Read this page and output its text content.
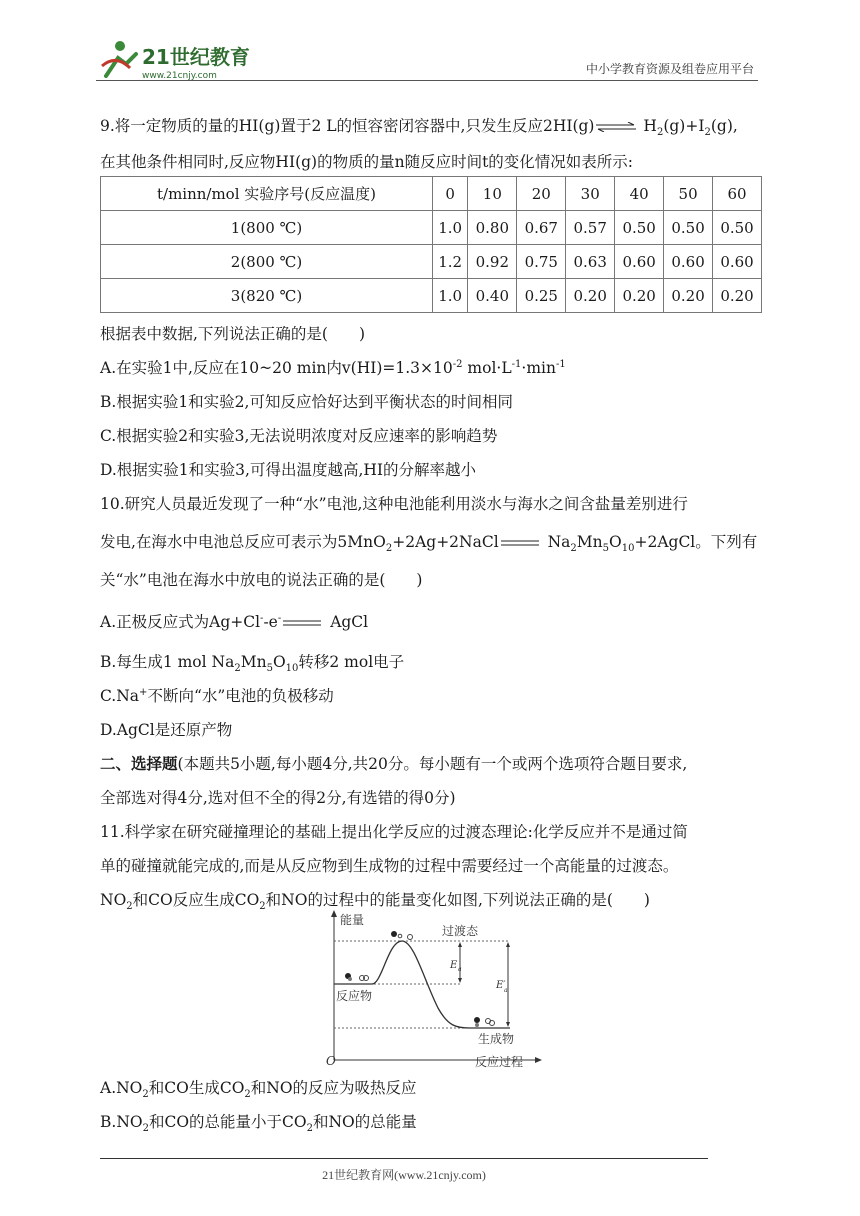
21世纪教育
www.21cnjy.com	中小学教育资源及组卷应用平台
9.将一定物质的量的HI(g)置于2 L的恒容密闭容器中,只发生反应2HI(g)⇌ $H_2(g)+I_2(g)$,
在其他条件相同时,反应物HI(g)的物质的量n随反应时间t的变化情况如表所示:
t/minn/mol 实验序号(反应温度)	0	10	20	30	40	50	60
1(800 ℃)	1.0	0.80	0.67	0.57	0.50	0.50	0.50
2(800 ℃)	1.2	0.92	0.75	0.63	0.60	0.60	0.60
3(820 ℃)	1.0	0.40	0.25	0.20	0.20	0.20	0.20
根据表中数据,下列说法正确的是(　　)
A.在实验1中,反应在10~20 min内$v(HI)=1.3\times 10^{-2}$ $mol\cdot L^{-1}\cdot\min^{-1}$
B.根据实验1和实验2,可知反应恰好达到平衡状态的时间相同
C.根据实验2和实验3,无法说明浓度对反应速率的影响趋势
D.根据实验1和实验3,可得出温度越高,HI的分解率越小
10.研究人员最近发现了一种“水”电池,这种电池能利用淡水与海水之间含盐量差别进行
发电,在海水中电池总反应可表示为5MnO$_2$+2Ag+2NaCl	$Na_2Mn_5O_{10}+2AgCl$。下列有
关“水”电池在海水中放电的说法正确的是(　　)
A.正极反应式为Ag+Cl--e-	AgCl
B.每生成1 mol $Na_2Mn_5O_{10}$转移2 mol电子
C.Na+不断向“水”电池的负极移动
D.AgCl是还原产物
二、选择题(本题共5小题,每小题4分,共20分。每小题有一个或两个选项符合题目要求,
全部选对得4分,选对但不全的得2分,有选错的得0分)
11.科学家在研究碰撞理论的基础上提出化学反应的过渡态理论:化学反应并不是通过简
单的碰撞就能完成的,而是从反应物到生成物的过程中需要经过一个高能量的过渡态。
$NO_2$和CO反应生成$CO_2$和NO的过程中的能量变化如图,下列说法正确的是(　　)
能量
O	反应过程
过渡态
反应物
生成物
E a
E′
a
$A.NO_2$和CO生成$CO_2$和NO的反应为吸热反应
$B.NO_2$和CO的总能量小于$CO_2$和NO的总能量
21世纪教育网(www.21cnjy.com)
